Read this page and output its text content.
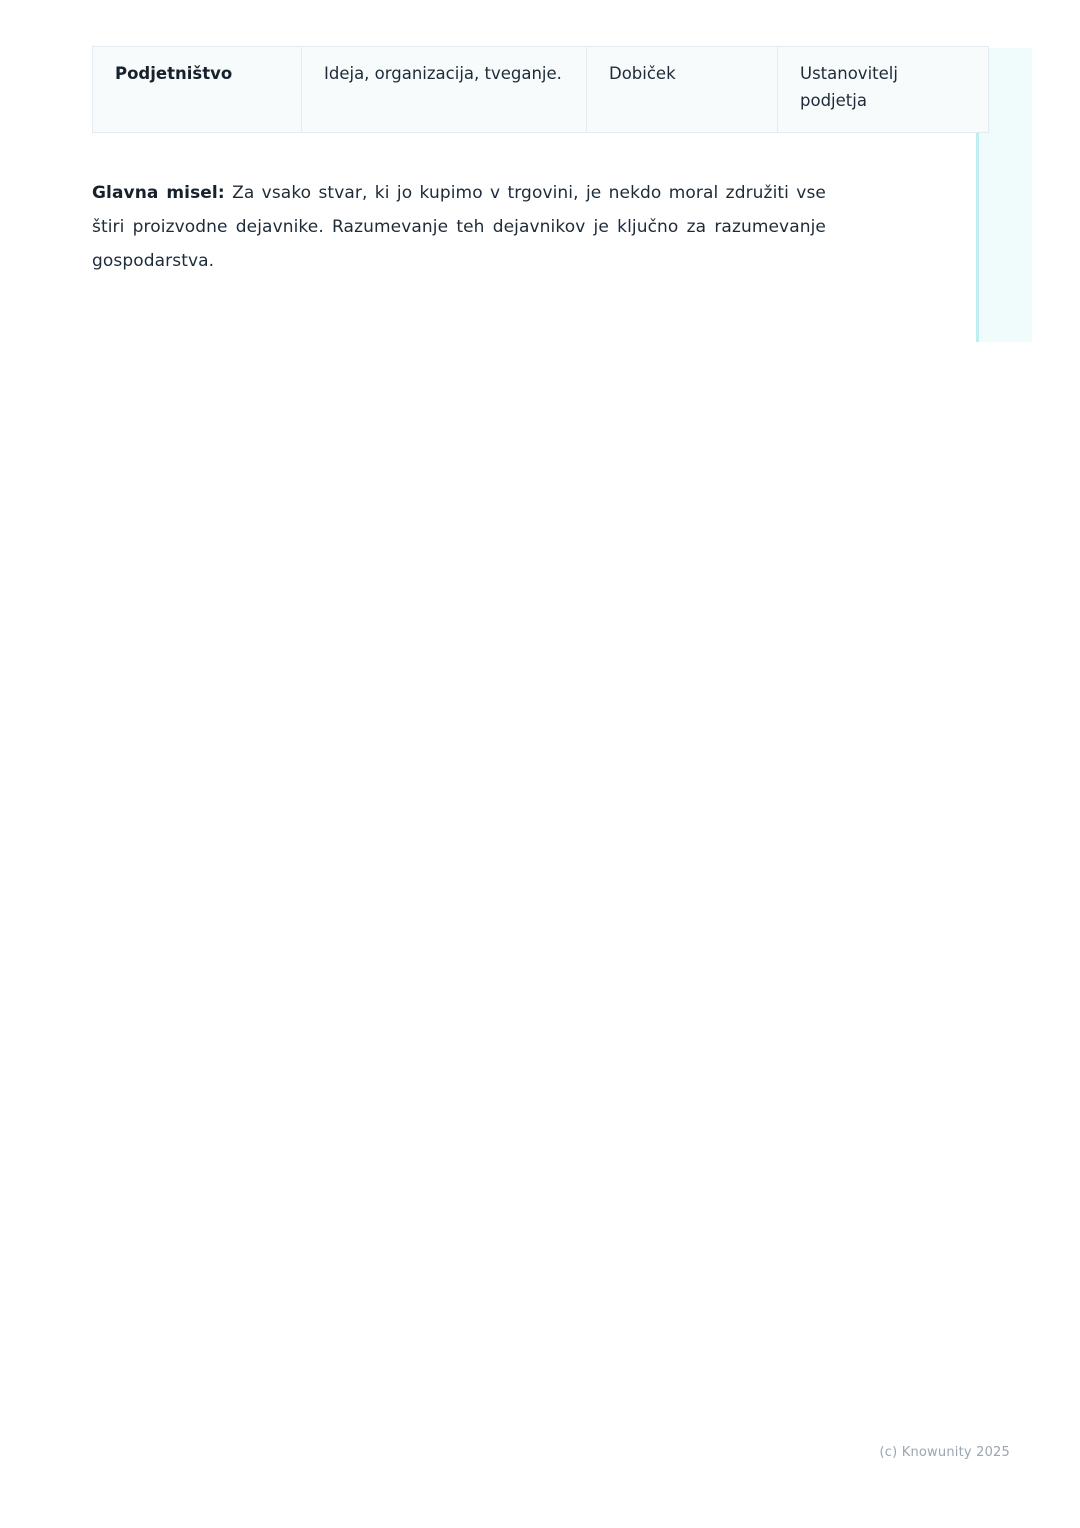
Podjetništvo	Ideja, organizacija, tveganje.	Dobiček	Ustanovitelj podjetja

Glavna misel: Za vsako stvar, ki jo kupimo v trgovini, je nekdo moral združiti vse štiri proizvodne dejavnike. Razumevanje teh dejavnikov je ključno za razumevanje gospodarstva.

(c) Knowunity 2025
